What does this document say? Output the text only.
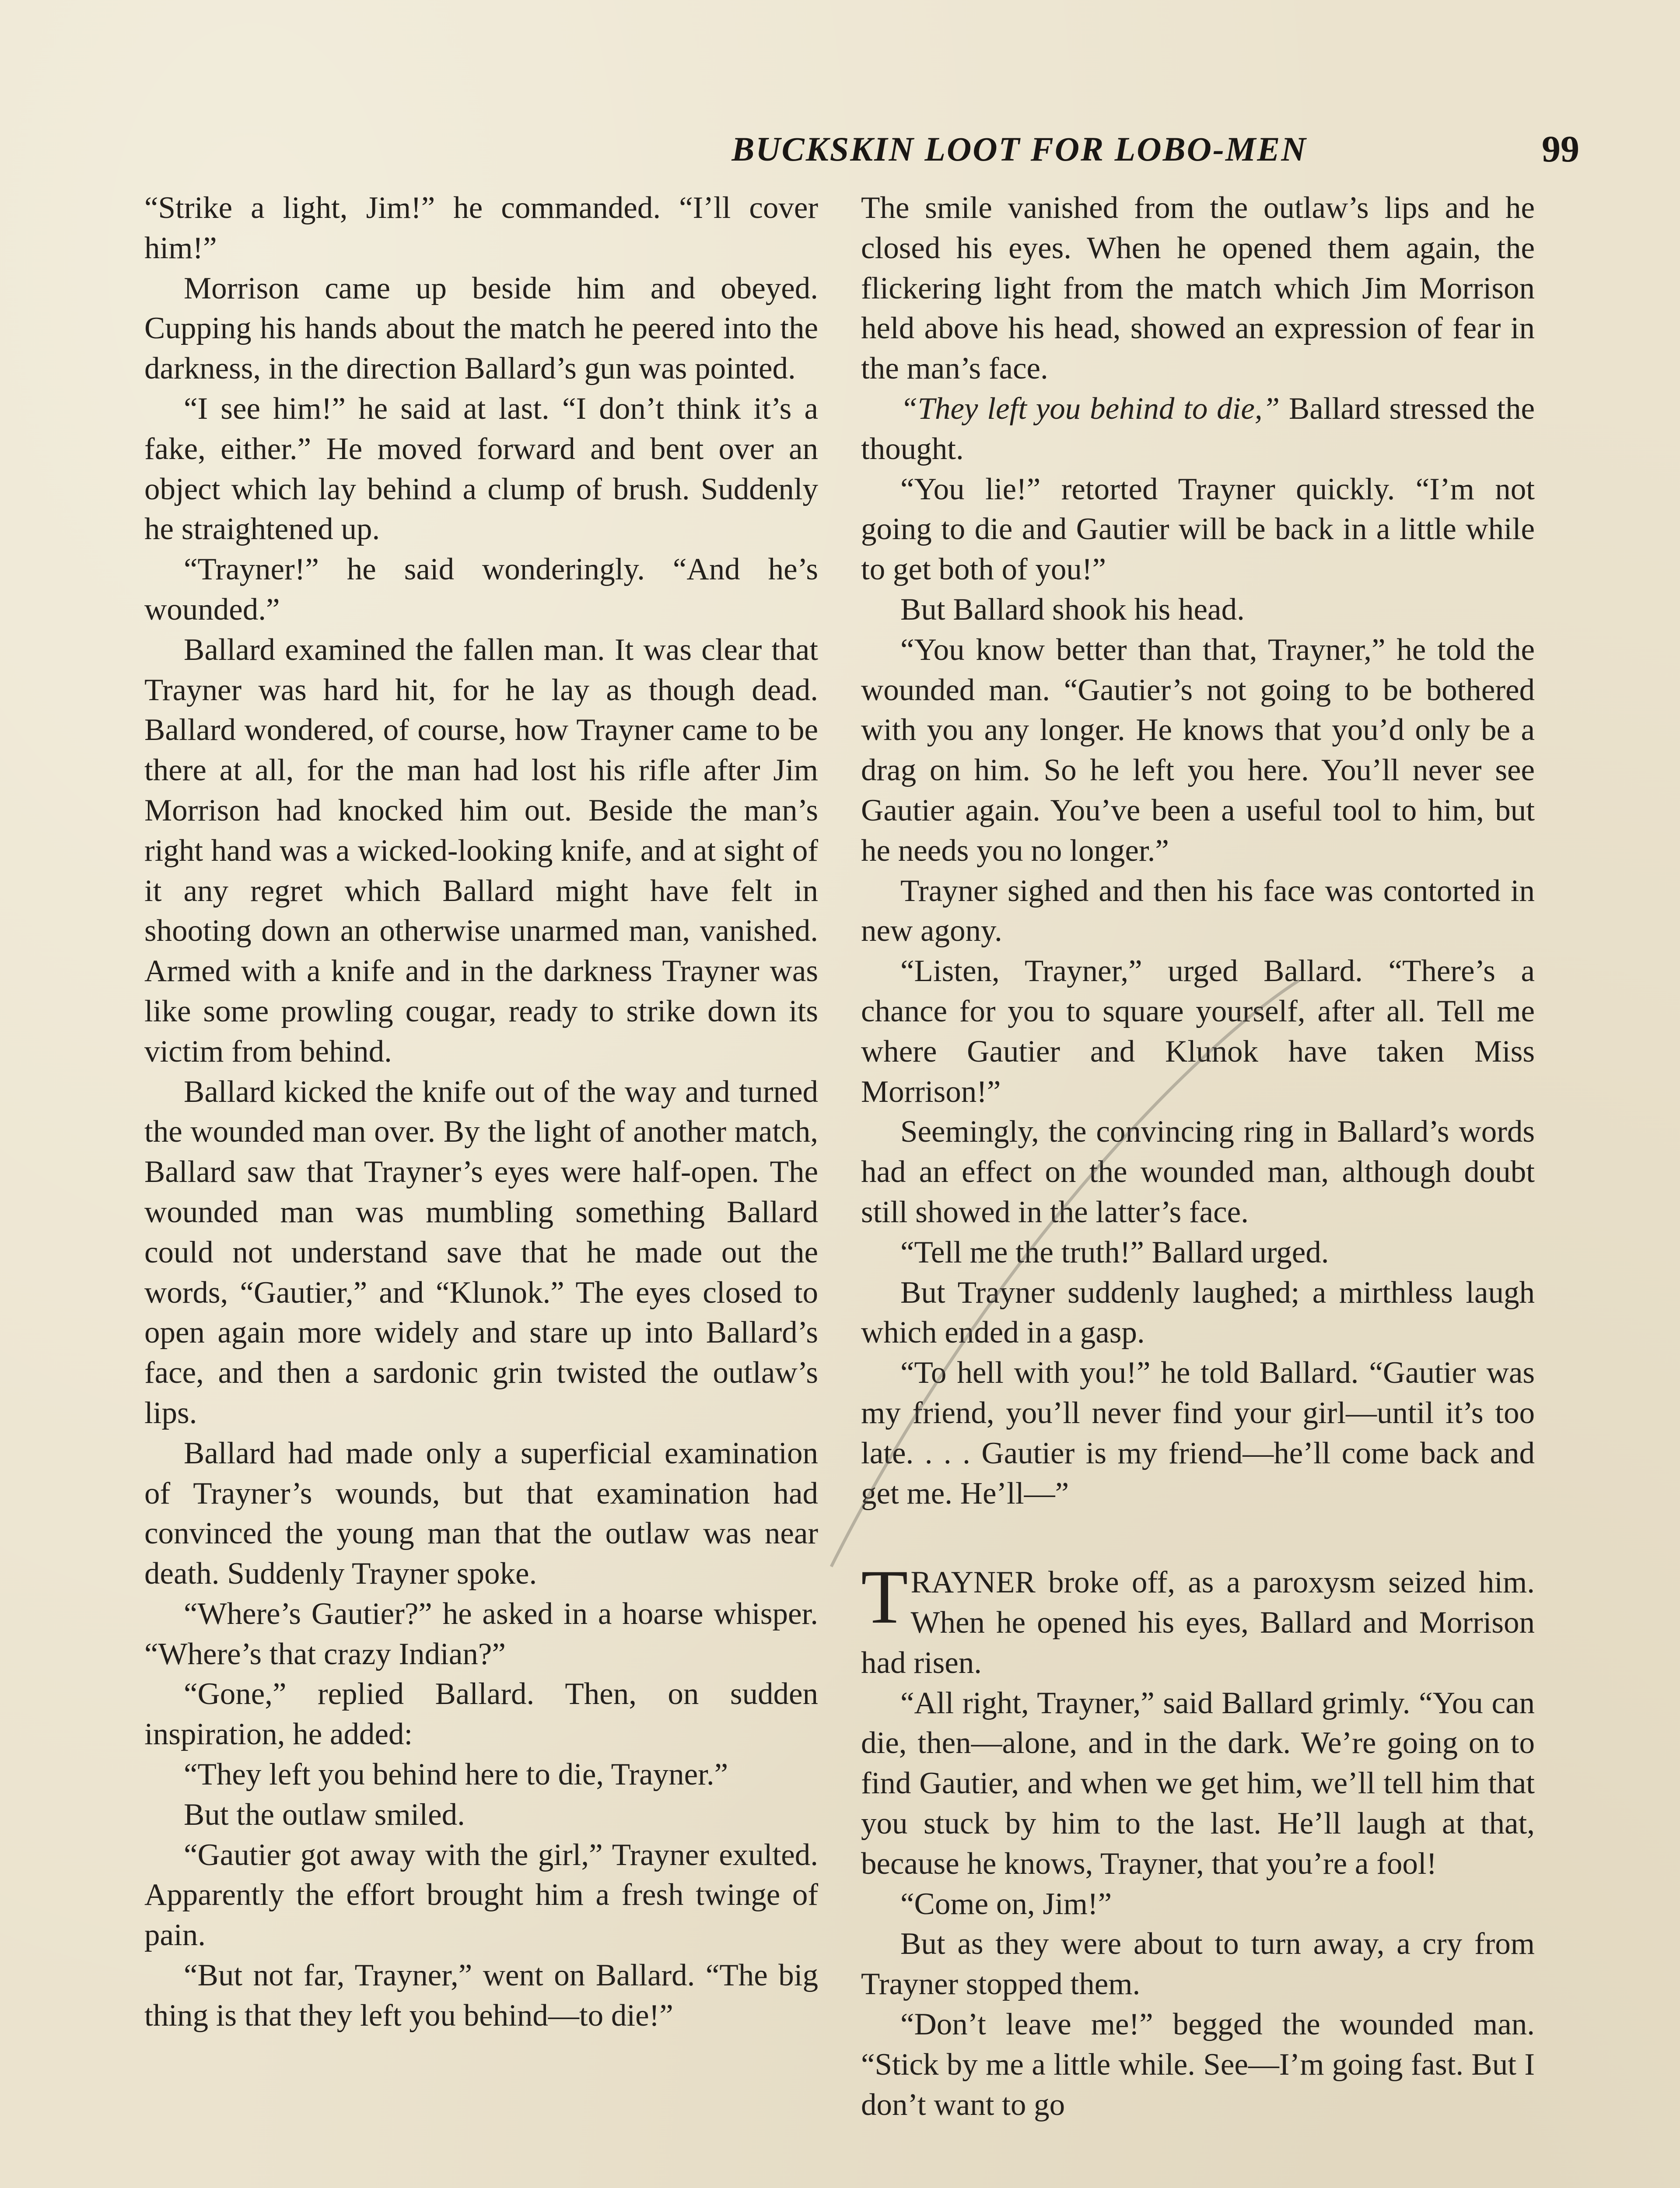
BUCKSKIN LOOT FOR LOBO-MEN	99

“Strike a light, Jim!” he commanded. “I’ll cover him!”

Morrison came up beside him and obeyed. Cupping his hands about the match he peered into the darkness, in the direction Ballard’s gun was pointed.

“I see him!” he said at last. “I don’t think it’s a fake, either.” He moved forward and bent over an object which lay behind a clump of brush. Suddenly he straightened up.

“Trayner!” he said wonderingly. “And he’s wounded.”

Ballard examined the fallen man. It was clear that Trayner was hard hit, for he lay as though dead. Ballard wondered, of course, how Trayner came to be there at all, for the man had lost his rifle after Jim Morrison had knocked him out. Beside the man’s right hand was a wicked-looking knife, and at sight of it any regret which Ballard might have felt in shooting down an otherwise unarmed man, vanished. Armed with a knife and in the darkness Trayner was like some prowling cougar, ready to strike down its victim from behind.

Ballard kicked the knife out of the way and turned the wounded man over. By the light of another match, Ballard saw that Trayner’s eyes were half-open. The wounded man was mumbling something Ballard could not understand save that he made out the words, “Gautier,” and “Klunok.” The eyes closed to open again more widely and stare up into Ballard’s face, and then a sardonic grin twisted the outlaw’s lips.

Ballard had made only a superficial examination of Trayner’s wounds, but that examination had convinced the young man that the outlaw was near death. Suddenly Trayner spoke.

“Where’s Gautier?” he asked in a hoarse whisper. “Where’s that crazy Indian?”

“Gone,” replied Ballard. Then, on sudden inspiration, he added:

“They left you behind here to die, Trayner.”

But the outlaw smiled.

“Gautier got away with the girl,” Trayner exulted. Apparently the effort brought him a fresh twinge of pain.

“But not far, Trayner,” went on Ballard. “The big thing is that they left you behind—to die!”

The smile vanished from the outlaw’s lips and he closed his eyes. When he opened them again, the flickering light from the match which Jim Morrison held above his head, showed an expression of fear in the man’s face.

“They left you behind to die,” Ballard stressed the thought.

“You lie!” retorted Trayner quickly. “I’m not going to die and Gautier will be back in a little while to get both of you!”

But Ballard shook his head.

“You know better than that, Trayner,” he told the wounded man. “Gautier’s not going to be bothered with you any longer. He knows that you’d only be a drag on him. So he left you here. You’ll never see Gautier again. You’ve been a useful tool to him, but he needs you no longer.”

Trayner sighed and then his face was contorted in new agony.

“Listen, Trayner,” urged Ballard. “There’s a chance for you to square yourself, after all. Tell me where Gautier and Klunok have taken Miss Morrison!”

Seemingly, the convincing ring in Ballard’s words had an effect on the wounded man, although doubt still showed in the latter’s face.

“Tell me the truth!” Ballard urged.

But Trayner suddenly laughed; a mirthless laugh which ended in a gasp.

“To hell with you!” he told Ballard. “Gautier was my friend, you’ll never find your girl—until it’s too late. . . . Gautier is my friend—he’ll come back and get me. He’ll—”

TRAYNER broke off, as a paroxysm seized him. When he opened his eyes, Ballard and Morrison had risen.

“All right, Trayner,” said Ballard grimly. “You can die, then—alone, and in the dark. We’re going on to find Gautier, and when we get him, we’ll tell him that you stuck by him to the last. He’ll laugh at that, because he knows, Trayner, that you’re a fool!

“Come on, Jim!”

But as they were about to turn away, a cry from Trayner stopped them.

“Don’t leave me!” begged the wounded man. “Stick by me a little while. See—I’m going fast. But I don’t want to go
